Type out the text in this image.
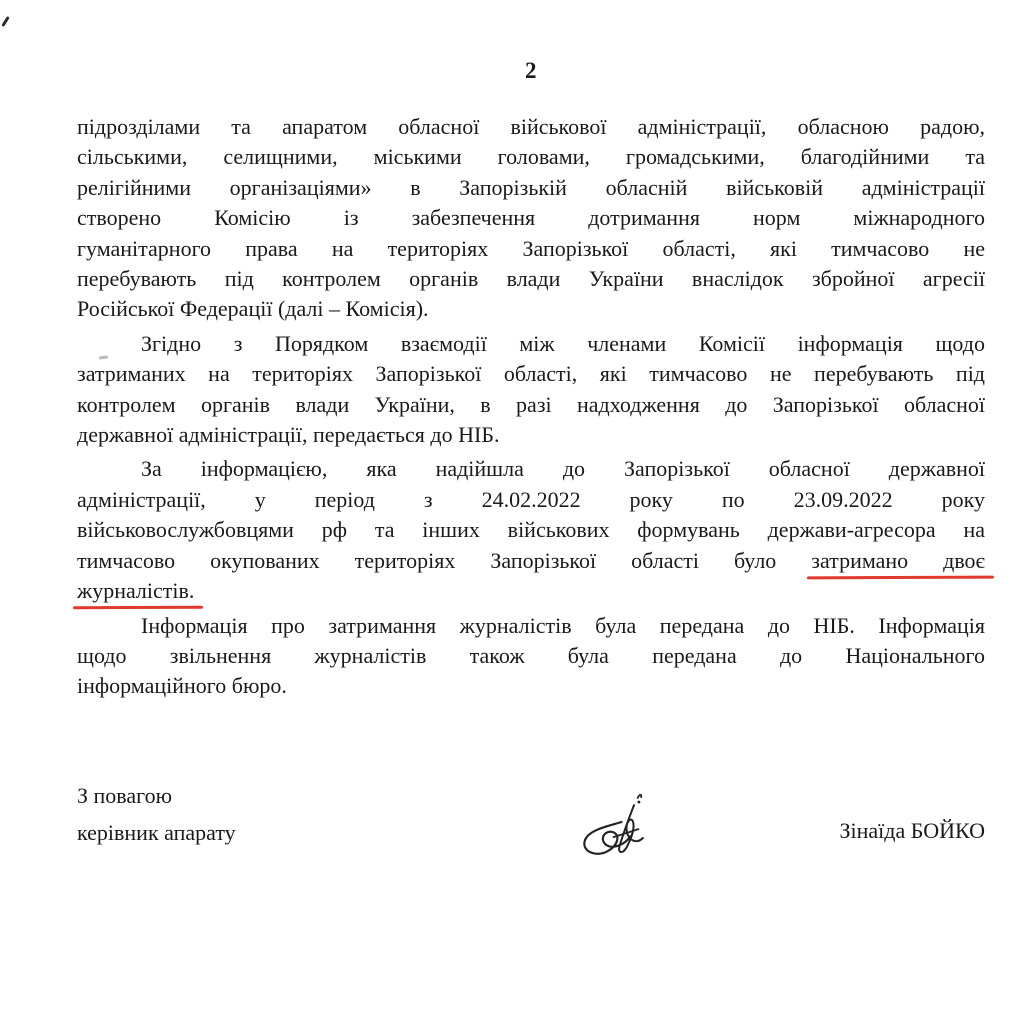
2
підрозділами та апаратом обласної військової адміністрації, обласною радою,
сільськими, селищними, міськими головами, громадськими, благодійними та
релігійними організаціями» в Запорізькій обласній військовій адміністрації
створено Комісію із забезпечення дотримання норм міжнародного
гуманітарного права на територіях Запорізької області, які тимчасово не
перебувають під контролем органів влади України внаслідок збройної агресії
Російської Федерації (далі – Комісія).
Згідно з Порядком взаємодії між членами Комісії інформація щодо
затриманих на територіях Запорізької області, які тимчасово не перебувають під
контролем органів влади України, в разі надходження до Запорізької обласної
державної адміністрації, передається до НІБ.
За інформацією, яка надійшла до Запорізької обласної державної
адміністрації, у період з 24.02.2022 року по 23.09.2022 року
військовослужбовцями рф та інших військових формувань держави-агресора на
тимчасово окупованих територіях Запорізької області було затримано двоє
журналістів.
Інформація про затримання журналістів була передана до НІБ. Інформація
щодо звільнення журналістів також була передана до Національного
інформаційного бюро.
З повагою
керівник апарату	Зінаїда БОЙКО
